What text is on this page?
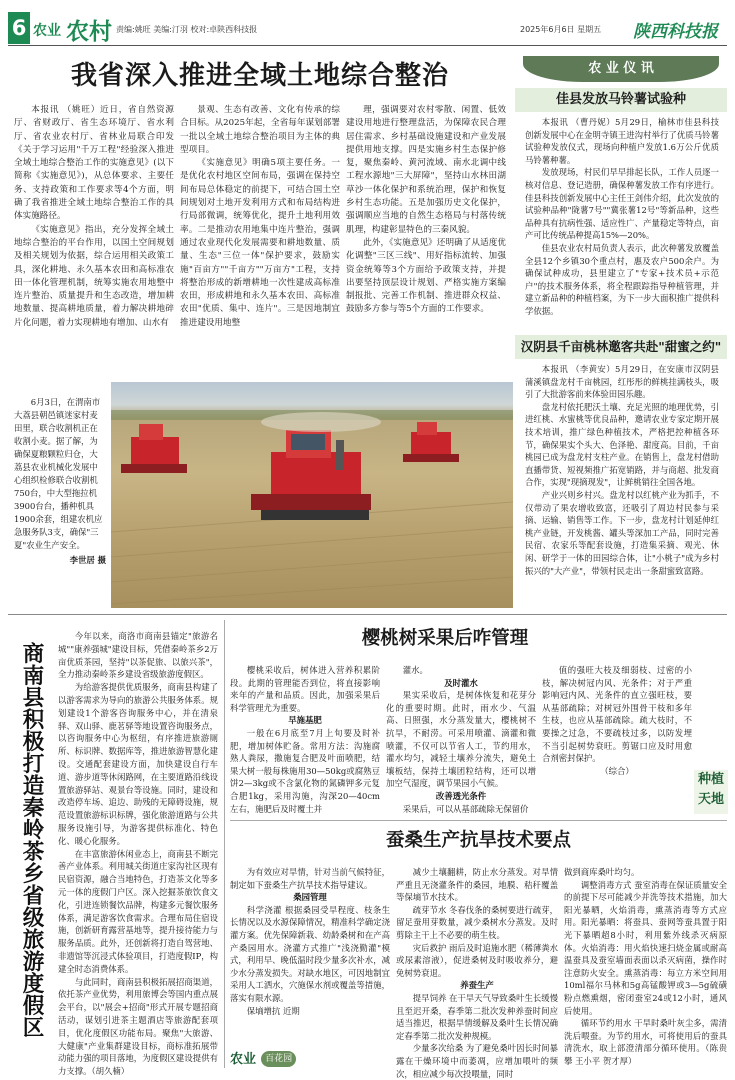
6 农业 农村 责编:姚旺 美编:汀羽 校对:卓陕西科技报	2025年6月6日 星期五	陕西科技报
我省深入推进全域土地综合整治

本报讯 （姚旺）近日，省自然资源厅、省财政厅、省生态环境厅、省水利厅、省农业农村厅、省林业局联合印发《关于学习运用"千万工程"经验深入推进全域土地综合整治工作的实施意见》(以下简称《实施意见》)，从总体要求、主要任务、支持政策和工作要求等4个方面，明确了我省推进全域土地综合整治工作的具体实施路径。

《实施意见》指出，充分发挥全域土地综合整治的平台作用，以国土空间规划及相关规划为依据，综合运用相关政策工具，深化耕地、永久基本农田和高标准农田一体化管理机制，统筹实施农用地整中连片整治、质量提升和生态改造，增加耕地数量、提高耕地质量，着力解决耕地碎片化问题，着力实现耕地有增加、山水有

景观、生态有改善、文化有传承的综合目标。从2025年起，全省每年谋划部署一批以全域土地综合整治项目为主体的典型项目。

《实施意见》明确5项主要任务。一是优化农村地区空间布局，强调在保持空间布局总体稳定的前提下，可结合国土空间规划对土地开发利用方式和布局结构进行局部微调，统筹优化，提升土地利用效率。二是推动农用地集中连片整治，强调通过农业现代化发展需要和耕地数量、质量、生态"三位一体"保护要求，鼓励实施"百亩方""千亩方""万亩方"工程，支持将整治形成的新增耕地一次性建成高标准农田，形成耕地和永久基本农田、高标准农田"优质、集中、连片"。三是因地制宜推进建设用地整

理，强调要对农村零散、闲置、低效建设用地进行整理盘活，为保障农民合理居住需求、乡村基础设施建设和产业发展提供用地支撑。四是实施乡村生态保护修复，聚焦秦岭、黄河流域、南水北调中线工程水源地"三大屏障"，坚持山水林田湖草沙一体化保护和系统治理，保护和恢复乡村生态功能。五是加强历史文化保护，强调顺应当地的自然生态格局与村落传统肌理，构建彰显特色的三秦风貌。

此外，《实施意见》还明确了从适度优化调整"三区三线"、用好指标流转、加强资金统筹等3个方面给予政策支持，并提出要坚持顶层设计规划、严格实施方案编制报批、完善工作机制、推进群众权益、鼓励多方参与等5个方面的工作要求。

6月3日，在渭南市大荔县朝邑镇迷家村麦田里，联合收割机正在收割小麦。据了解，为确保夏粮颗粒归仓，大荔县农业机械化发展中心组织检修联合收割机750台，中大型拖拉机3900台台，播种机具1900余套，组建农机应急服务队3支，确保"三夏"农业生产安全。

李世居 摄

农 业 仪 讯
佳县发放马铃薯试验种

本报讯 （曹丹妮）5月29日，榆林市佳县科技创新发展中心在金明寺镇王进沟村举行了优质马铃薯试验种发放仪式，现场向种植户发放1.6万公斤优质马铃薯种薯。

发放现场，村民们早早排起长队，工作人员逐一核对信息、登记造册，确保种薯发放工作有序进行。佳县科技创新发展中心主任王剑伟介绍，此次发放的试验种品种"陇薯7号""冀张薯12号"等新品种，这些品种具有抗病性强、适应性广、产量稳定等特点，亩产可比传统品种提高15%—20%。

佳县农业农村局负责人表示，此次种薯发放覆盖全县12个乡镇30个重点村，惠及农户500余户。为确保试种成功，县里建立了"专家+技术员+示范户"的技术服务体系，将全程跟踪指导种植管理，并建立新品种的种植档案，为下一步大面积推广提供科学依据。

汉阴县千亩桃林邀客共赴"甜蜜之约"

本报讯 （李黄安）5月29日，在安康市汉阴县蒲溪镇盘龙村千亩桃园，红彤彤的鲜桃挂满枝头，吸引了大批游客前来体验田园乐趣。

盘龙村依托肥沃土壤、充足光照的地理优势，引进红桃、水蜜桃等优良品种，邀请农业专家定期开展技术培训，推广绿色种植技术，严格把控种植各环节，确保果实个头大、色泽艳、甜度高。目前，千亩桃园已成为盘龙村支柱产业。在销售上，盘龙村借助直播带货、短视频推广拓宽销路，并与商超、批发商合作，实现"现摘现发"，让鲜桃销往全国各地。

产业兴则乡村兴。盘龙村以红桃产业为抓手，不仅带动了果农增收致富，还吸引了周边村民参与采摘、运输、销售等工作。下一步，盘龙村计划延伸红桃产业链，开发桃酱、罐头等深加工产品，同时完善民宿、农家乐等配套设施，打造集采摘、观光、休闲、研学于一体的田园综合体，让"小桃子"成为乡村振兴的"大产业"，带领村民走出一条甜蜜致富路。

商南县积极打造秦岭茶乡省级旅游度假区

今年以来，商洛市商南县锚定"旅游名城""康养强城"建设目标，凭借秦岭茶乡2万亩优质茶园，坚持"以茶促旅、以旅兴茶"，全力推动秦岭茶乡建设省级旅游度假区。

为给游客提供优质服务，商南县构建了以游客需求为导向的旅游公共服务体系。规划建设1个游客咨询服务中心，并在清泉驿、双山驿、鹿茗驿等地设置咨询服务点，以咨询服务中心为枢纽，有序推进旅游厕所、标识牌、数据库等，推进旅游智慧化建设。交通配套建设方面，加快建设自行车道、游步道等休闲路网，在主要道路沿线设置旅游驿站、观景台等设施。同时，建设和改造停车场、追边、助残的无障碍设施，规范设置旅游标识标牌，强化旅游道路与公共服务设施引导，为游客提供标准化、特色化、暖心化服务。

在丰富旅游休闲业态上，商南县不断完善产业体系。利用城关街道庄家沟社区现有民宿资源，融合当地特色，打造茶文化等多元一体的度假门户区。深入挖掘茶旅饮食文化，引进连锁餐饮品牌，构建多元餐饮服务体系，满足游客饮食需求。合理布局住宿设施，创新研育露营基地等，提升接待能力与服务品质。此外，还创新将打造自驾营地、非遗馆等沉浸式体验项目，打造度假IP，构建全时态消费体系。

与此同时，商南县积极拓展招商渠道，依托茶产业优势，利用旅博会等国内重点展会平台，以"展会+招商"形式开展专题招商活动，谋划引进茶主题酒店等旅游配套项目，优化度假区功能布局。聚焦"大旅游、大健康"产业集群建设目标，商标准拓展带动能力强的项目落地，为度假区建设提供有力支撑。（胡久楠）

樱桃树采果后咋管理

樱桃采收后，树体进入营养积累阶段。此期的管理能否到位，将直接影响来年的产量和品质。因此，加强采果后科学管理尤为重要。

早施基肥

一般在6月底至7月上旬要及时补肥，增加树体贮备。常用方法：沟施腐熟人粪尿，撒施复合肥及叶面喷肥，结果大树一般每株施用30—50kg或腐熟豆饼2—3kg或不含氯化物的氮磷钾多元复合肥1kg，采用沟施，沟深20—40cm左右，施肥后及时覆土并

灌水。

及时灌水

果实采收后，是树体恢复和花芽分化的重要时期。此时，雨水少、气温高、日照强，水分蒸发量大，樱桃树不抗旱，不耐涝。可采用喷灌、滴灌和微喷灌，不仅可以节省人工，节约用水，灌水均匀，减轻土壤养分流失，避免土壤板结，保持土壤团粒结构，还可以增加空气湿度，调节果园小气候。

改善透光条件

采果后，可以从基部疏除无保留价

值的强旺大枝及细弱枝、过密的小枝，解决树冠内风、光条件；对于严重影响冠内风、光条件的直立强旺枝，要从基部疏除；对树冠外围骨干枝和多年生枝，也应从基部疏除。疏大枝时，不要操之过急，不要疏枝过多，以防发埋不当引起树势衰旺。剪锯口应及时用愈合剂密封保护。

（综合）

种植天地
蚕桑生产抗旱技术要点

为有效应对旱情，针对当前气候特征，制定如下蚕桑生产抗旱技术指导建议。

桑园管理

科学浇灌 根据桑园受旱程度、枝条生长情况以及水源保障情况，精准科学确定浇灌方案。优先保障新栽、幼龄桑树和在产高产桑园用水。浇灌方式推广"浅浇勤灌"模式，利用早、晚低温时段少量多次补水，减少水分蒸发损失。对缺水地区，可因地制宜采用人工洒水，穴施保水剂或覆盖等措施，落实有限水源。

保墒增抗 近期

减少土壤翻耕，防止水分蒸发。对旱情严重且无浇灌条件的桑园，地膜、秸秆覆盖等保墒节水技术。

疏芽节水 冬春伐条的桑树要进行疏芽，留足蚕用芽数量，减少桑树水分蒸发。及时剪除主干上不必要的萌生枝。

灾后救护 雨后及时追施水肥（稀薄粪水或尿素溶液），促进桑树及时吸收养分，避免树势衰退。

养蚕生产

提早饲养 在干旱天气导致桑叶生长缓慢且至迟开桑，春季第二批次发种养蚕时间应适当推迟，根据旱情缓解及桑叶生长情况确定春季第二批次发种规模。

少量多次给桑 为了避免桑叶因长时间暴露在干燥环境中而萎凋，应增加喂叶的频次，相应减少每次投喂量，同时

做到商库桑叶均匀。

调整消毒方式 蚕室消毒在保证质量安全的前提下尽可能减少并洗等技术措施，加大阳光暴晒，火焰消毒，熏蒸消毒等方式应用。阳光暴晒：将蚕具、蚕网等蚕具置于阳光下暴晒超8小时，利用紫外线杀灭病原体。火焰消毒：用火焰快速扫烧金属或耐高温蚕具及蚕室墙面表面以杀灭病菌，操作时注意防火安全。熏蒸消毒：每立方米空间用10ml福尔马林和5g高锰酸钾或3—5g硫磺粉点燃熏烟，密闭蚕室24或12小时，通风后使用。

循环节约用水 干旱时桑叶灰尘多，需清洗后喂蚕。为节约用水，可将使用后的蚕具清洗水，取上部澄清部分循环使用。（陈贵攀 王小平 贺才厚）

农业 百花园
